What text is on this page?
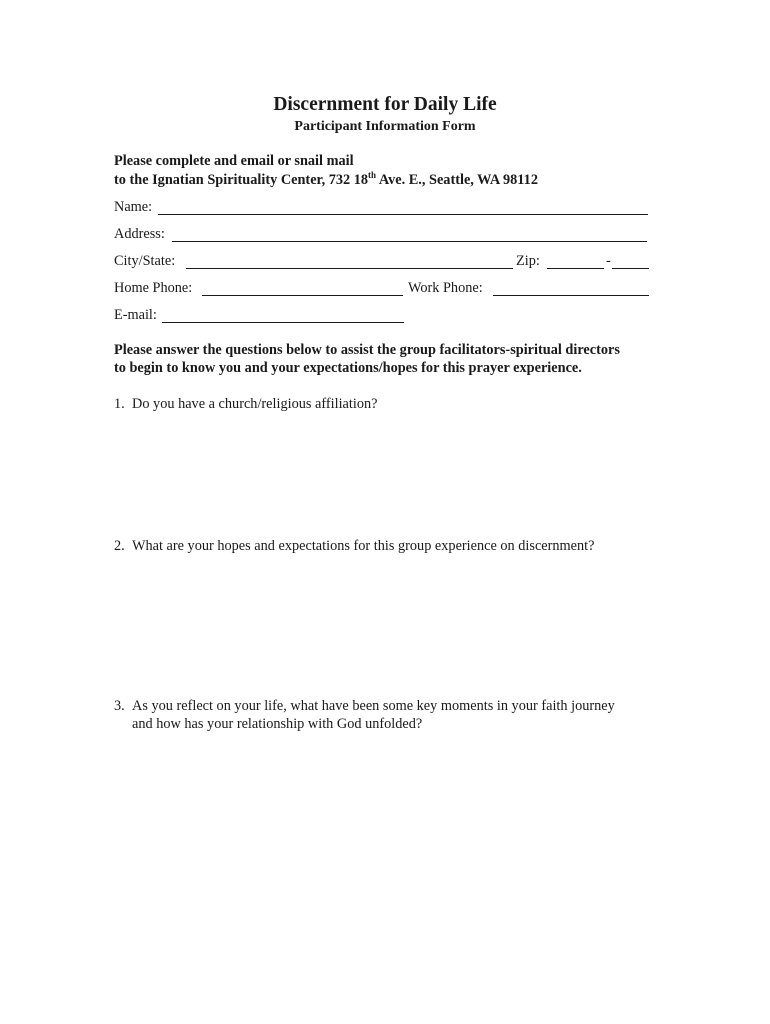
Discernment for Daily Life
Participant Information Form
Please complete and email or snail mail
to the Ignatian Spirituality Center, 732 18th Ave. E., Seattle, WA 98112
Name:
Address:
City/State:	Zip:	-
Home Phone:	Work Phone:
E-mail:
Please answer the questions below to assist the group facilitators-spiritual directors
to begin to know you and your expectations/hopes for this prayer experience.
1. Do you have a church/religious affiliation?
2. What are your hopes and expectations for this group experience on discernment?
3. As you reflect on your life, what have been some key moments in your faith journey
and how has your relationship with God unfolded?
